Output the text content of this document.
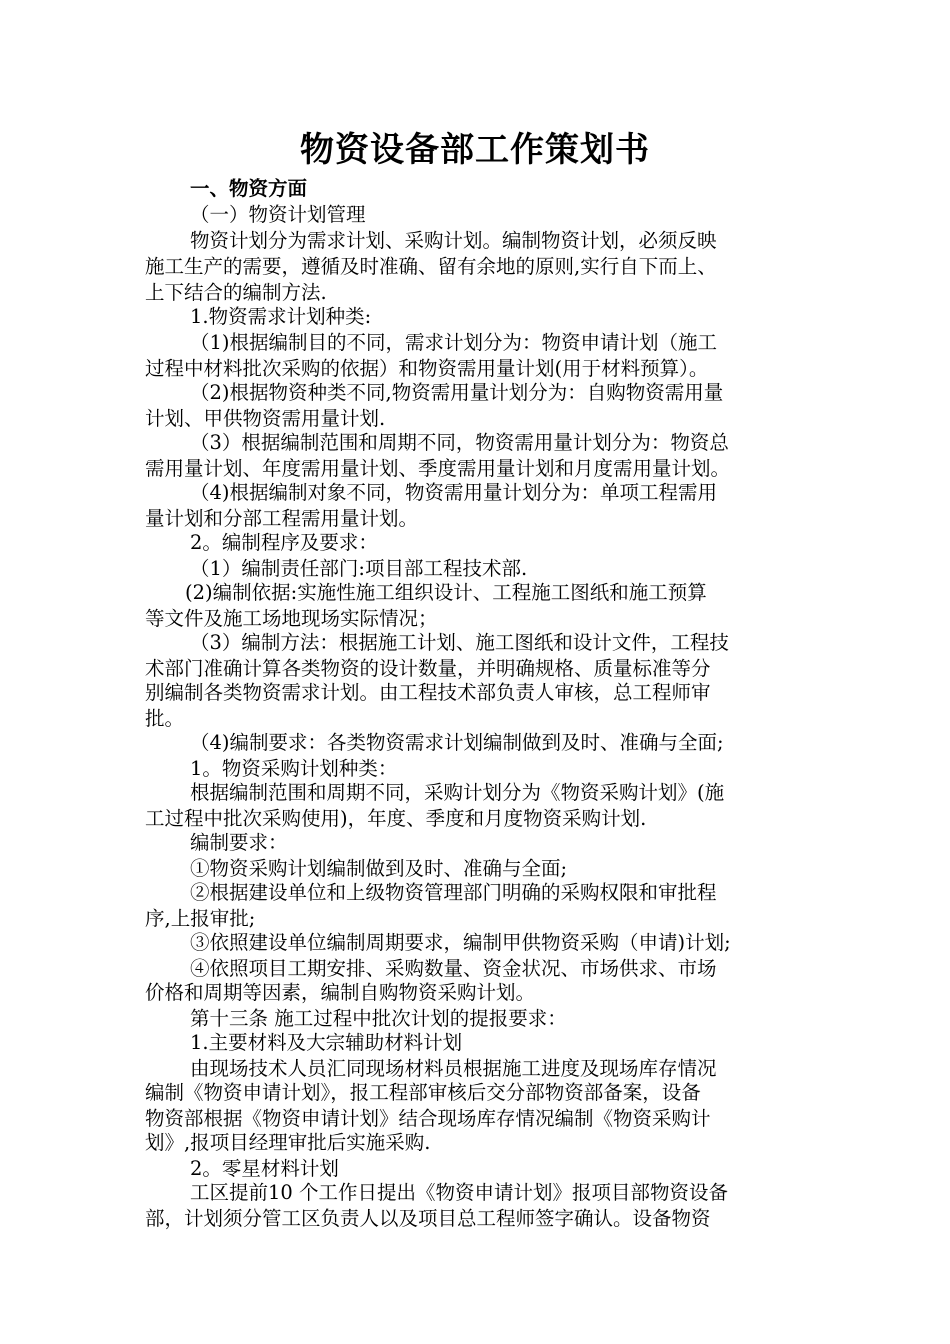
物资设备部工作策划书
一、物资方面
（一）物资计划管理
物资计划分为需求计划、采购计划。编制物资计划，必须反映
施工生产的需要，遵循及时准确、留有余地的原则,实行自下而上、
上下结合的编制方法.
1.物资需求计划种类:
（1)根据编制目的不同，需求计划分为：物资申请计划（施工
过程中材料批次采购的依据）和物资需用量计划(用于材料预算）。
（2)根据物资种类不同,物资需用量计划分为：自购物资需用量
计划、甲供物资需用量计划.
（3）根据编制范围和周期不同，物资需用量计划分为：物资总
需用量计划、年度需用量计划、季度需用量计划和月度需用量计划。
（4)根据编制对象不同，物资需用量计划分为：单项工程需用
量计划和分部工程需用量计划。
2。编制程序及要求：
（1）编制责任部门:项目部工程技术部.
(2)编制依据:实施性施工组织设计、工程施工图纸和施工预算
等文件及施工场地现场实际情况；
（3）编制方法：根据施工计划、施工图纸和设计文件，工程技
术部门准确计算各类物资的设计数量，并明确规格、质量标准等分
别编制各类物资需求计划。由工程技术部负责人审核，总工程师审
批。
（4)编制要求：各类物资需求计划编制做到及时、准确与全面;
1。物资采购计划种类：
根据编制范围和周期不同，采购计划分为《物资采购计划》(施
工过程中批次采购使用)，年度、季度和月度物资采购计划.
编制要求：
①物资采购计划编制做到及时、准确与全面;
②根据建设单位和上级物资管理部门明确的采购权限和审批程
序,上报审批;
③依照建设单位编制周期要求，编制甲供物资采购（申请)计划;
④依照项目工期安排、采购数量、资金状况、市场供求、市场
价格和周期等因素，编制自购物资采购计划。
第十三条 施工过程中批次计划的提报要求：
1.主要材料及大宗辅助材料计划
由现场技术人员汇同现场材料员根据施工进度及现场库存情况
编制《物资申请计划》，报工程部审核后交分部物资部备案，设备
物资部根据《物资申请计划》结合现场库存情况编制《物资采购计
划》,报项目经理审批后实施采购.
2。零星材料计划
工区提前10 个工作日提出《物资申请计划》报项目部物资设备
部，计划须分管工区负责人以及项目总工程师签字确认。设备物资
